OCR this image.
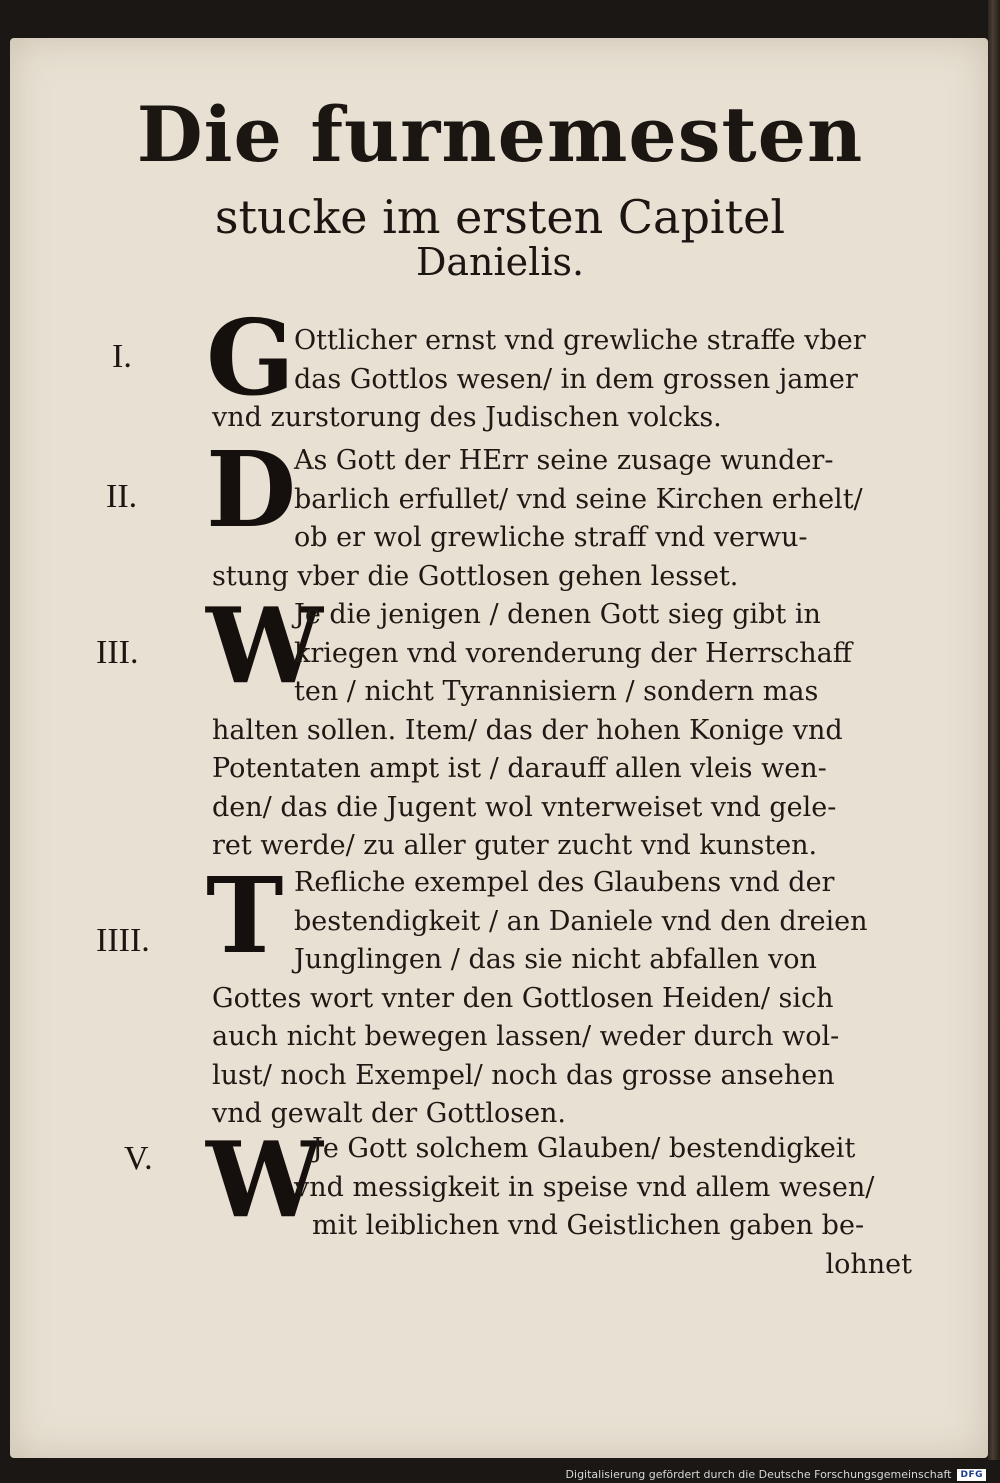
Die furnemesten
stucke im ersten Capitel
Danielis.
I. G Ottlicher ernst vnd grewliche straffe vber
das Gottlos wesen/ in dem grossen jamer
vnd zurstorung des Judischen volcks.
II. D
As Gott der HErr seine zusage wunder-
barlich erfullet/ vnd seine Kirchen erhelt/
ob er wol grewliche straff vnd verwu-
stung vber die Gottlosen gehen lesset.
III. W
Je die jenigen / denen Gott sieg gibt in
kriegen vnd vorenderung der Herrschaff
ten / nicht Tyrannisiern / sondern mas
halten sollen. Item/ das der hohen Konige vnd
Potentaten ampt ist / darauff allen vleis wen-
den/ das die Jugent wol vnterweiset vnd gele-
ret werde/ zu aller guter zucht vnd kunsten.
IIII. T Refliche exempel des Glaubens vnd der
bestendigkeit / an Daniele vnd den dreien
Junglingen / das sie nicht abfallen von
Gottes wort vnter den Gottlosen Heiden/ sich
auch nicht bewegen lassen/ weder durch wol-
lust/ noch Exempel/ noch das grosse ansehen
vnd gewalt der Gottlosen.
V. W
Je Gott solchem Glauben/ bestendigkeit
vnd messigkeit in speise vnd allem wesen/
mit leiblichen vnd Geistlichen gaben be-
lohnet
Digitalisierung gefördert durch die Deutsche Forschungsgemeinschaft	DFG
